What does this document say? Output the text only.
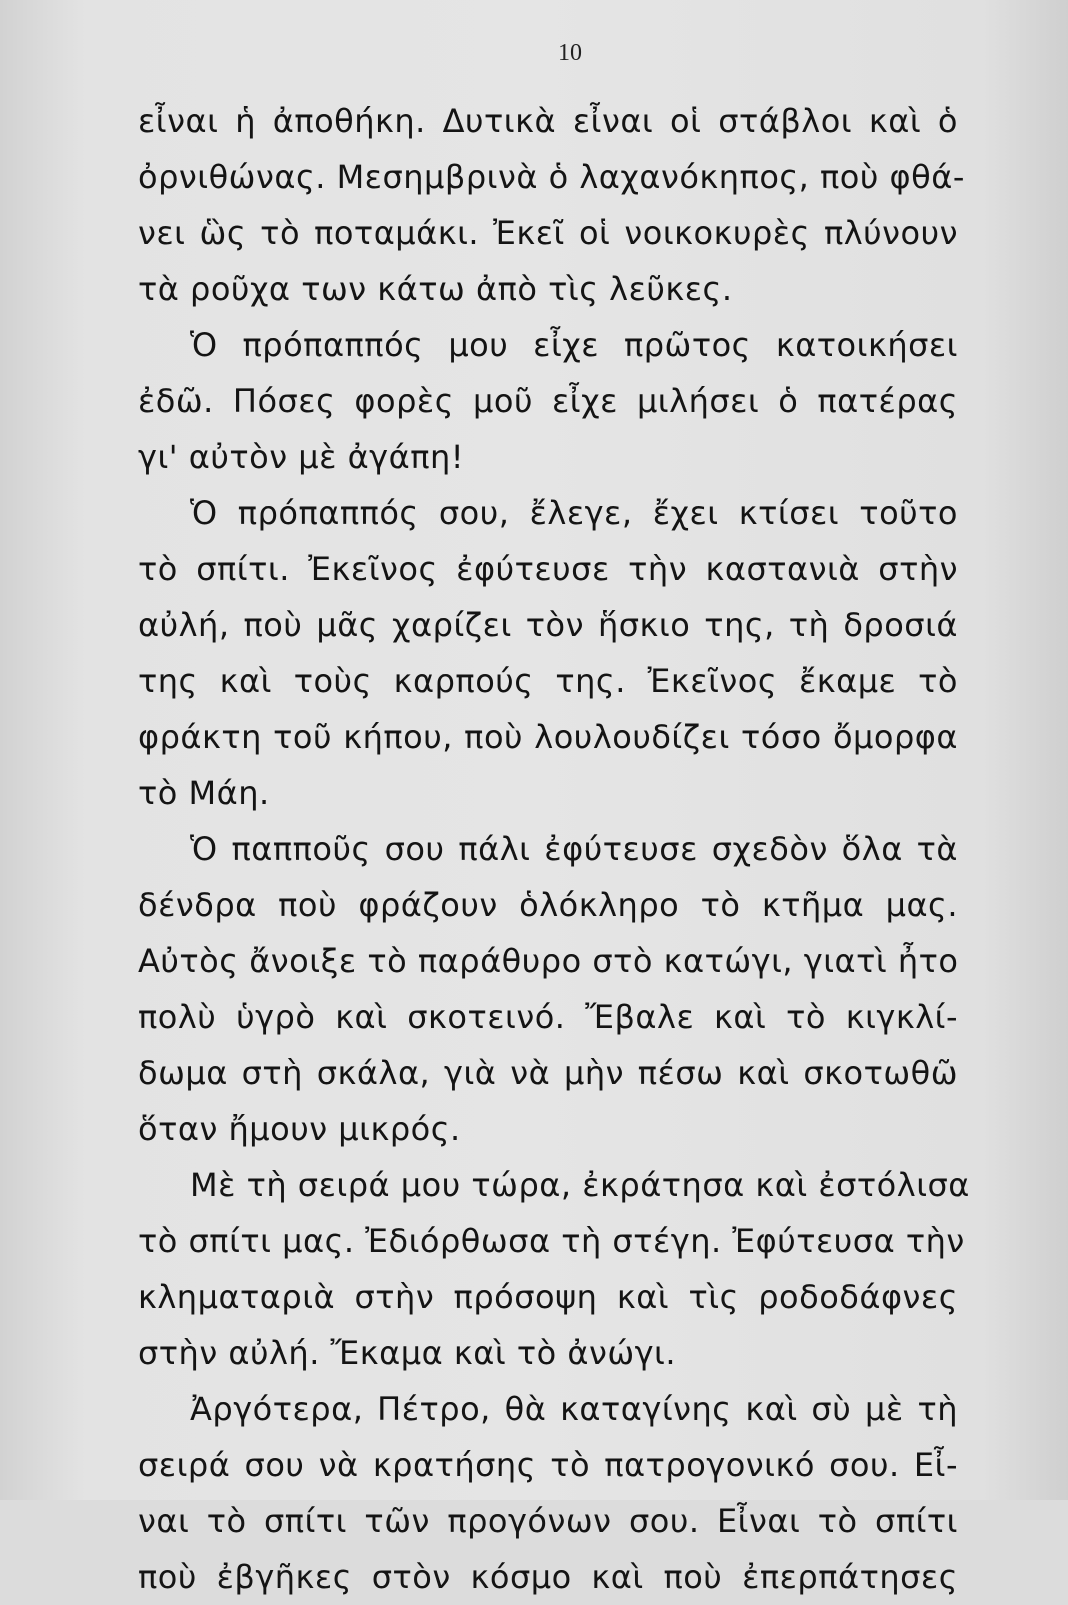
10
εἶναι ἡ ἀποθήκη. Δυτικὰ εἶναι οἱ στάβλοι καὶ ὁ
ὀρνιθώνας. Μεσημβρινὰ ὁ λαχανόκηπος, ποὺ φθά-
νει ὣς τὸ ποταμάκι. Ἐκεῖ οἱ νοικοκυρὲς πλύνουν
τὰ ροῦχα των κάτω ἀπὸ τὶς λεῦκες.
Ὁ πρόπαππός μου εἶχε πρῶτος κατοικήσει
ἐδῶ. Πόσες φορὲς μοῦ εἶχε μιλήσει ὁ πατέρας
γι' αὐτὸν μὲ ἀγάπη!
Ὁ πρόπαππός σου, ἔλεγε, ἔχει κτίσει τοῦτο
τὸ σπίτι. Ἐκεῖνος ἐφύτευσε τὴν καστανιὰ στὴν
αὐλή, ποὺ μᾶς χαρίζει τὸν ἥσκιο της, τὴ δροσιά
της καὶ τοὺς καρπούς της. Ἐκεῖνος ἔκαμε τὸ
φράκτη τοῦ κήπου, ποὺ λουλουδίζει τόσο ὄμορφα
τὸ Μάη.
Ὁ παπποῦς σου πάλι ἐφύτευσε σχεδὸν ὅλα τὰ
δένδρα ποὺ φράζουν ὁλόκληρο τὸ κτῆμα μας.
Αὐτὸς ἄνοιξε τὸ παράθυρο στὸ κατώγι, γιατὶ ἦτο
πολὺ ὑγρὸ καὶ σκοτεινό. Ἔβαλε καὶ τὸ κιγκλί-
δωμα στὴ σκάλα, γιὰ νὰ μὴν πέσω καὶ σκοτωθῶ
ὅταν ἤμουν μικρός.
Μὲ τὴ σειρά μου τώρα, ἐκράτησα καὶ ἐστόλισα
τὸ σπίτι μας. Ἐδιόρθωσα τὴ στέγη. Ἐφύτευσα τὴν
κληματαριὰ στὴν πρόσοψη καὶ τὶς ροδοδάφνες
στὴν αὐλή. Ἔκαμα καὶ τὸ ἀνώγι.
Ἀργότερα, Πέτρο, θὰ καταγίνης καὶ σὺ μὲ τὴ
σειρά σου νὰ κρατήσης τὸ πατρογονικό σου. Εἶ-
ναι τὸ σπίτι τῶν προγόνων σου. Εἶναι τὸ σπίτι
ποὺ ἐβγῆκες στὸν κόσμο καὶ ποὺ ἐπερπάτησες
